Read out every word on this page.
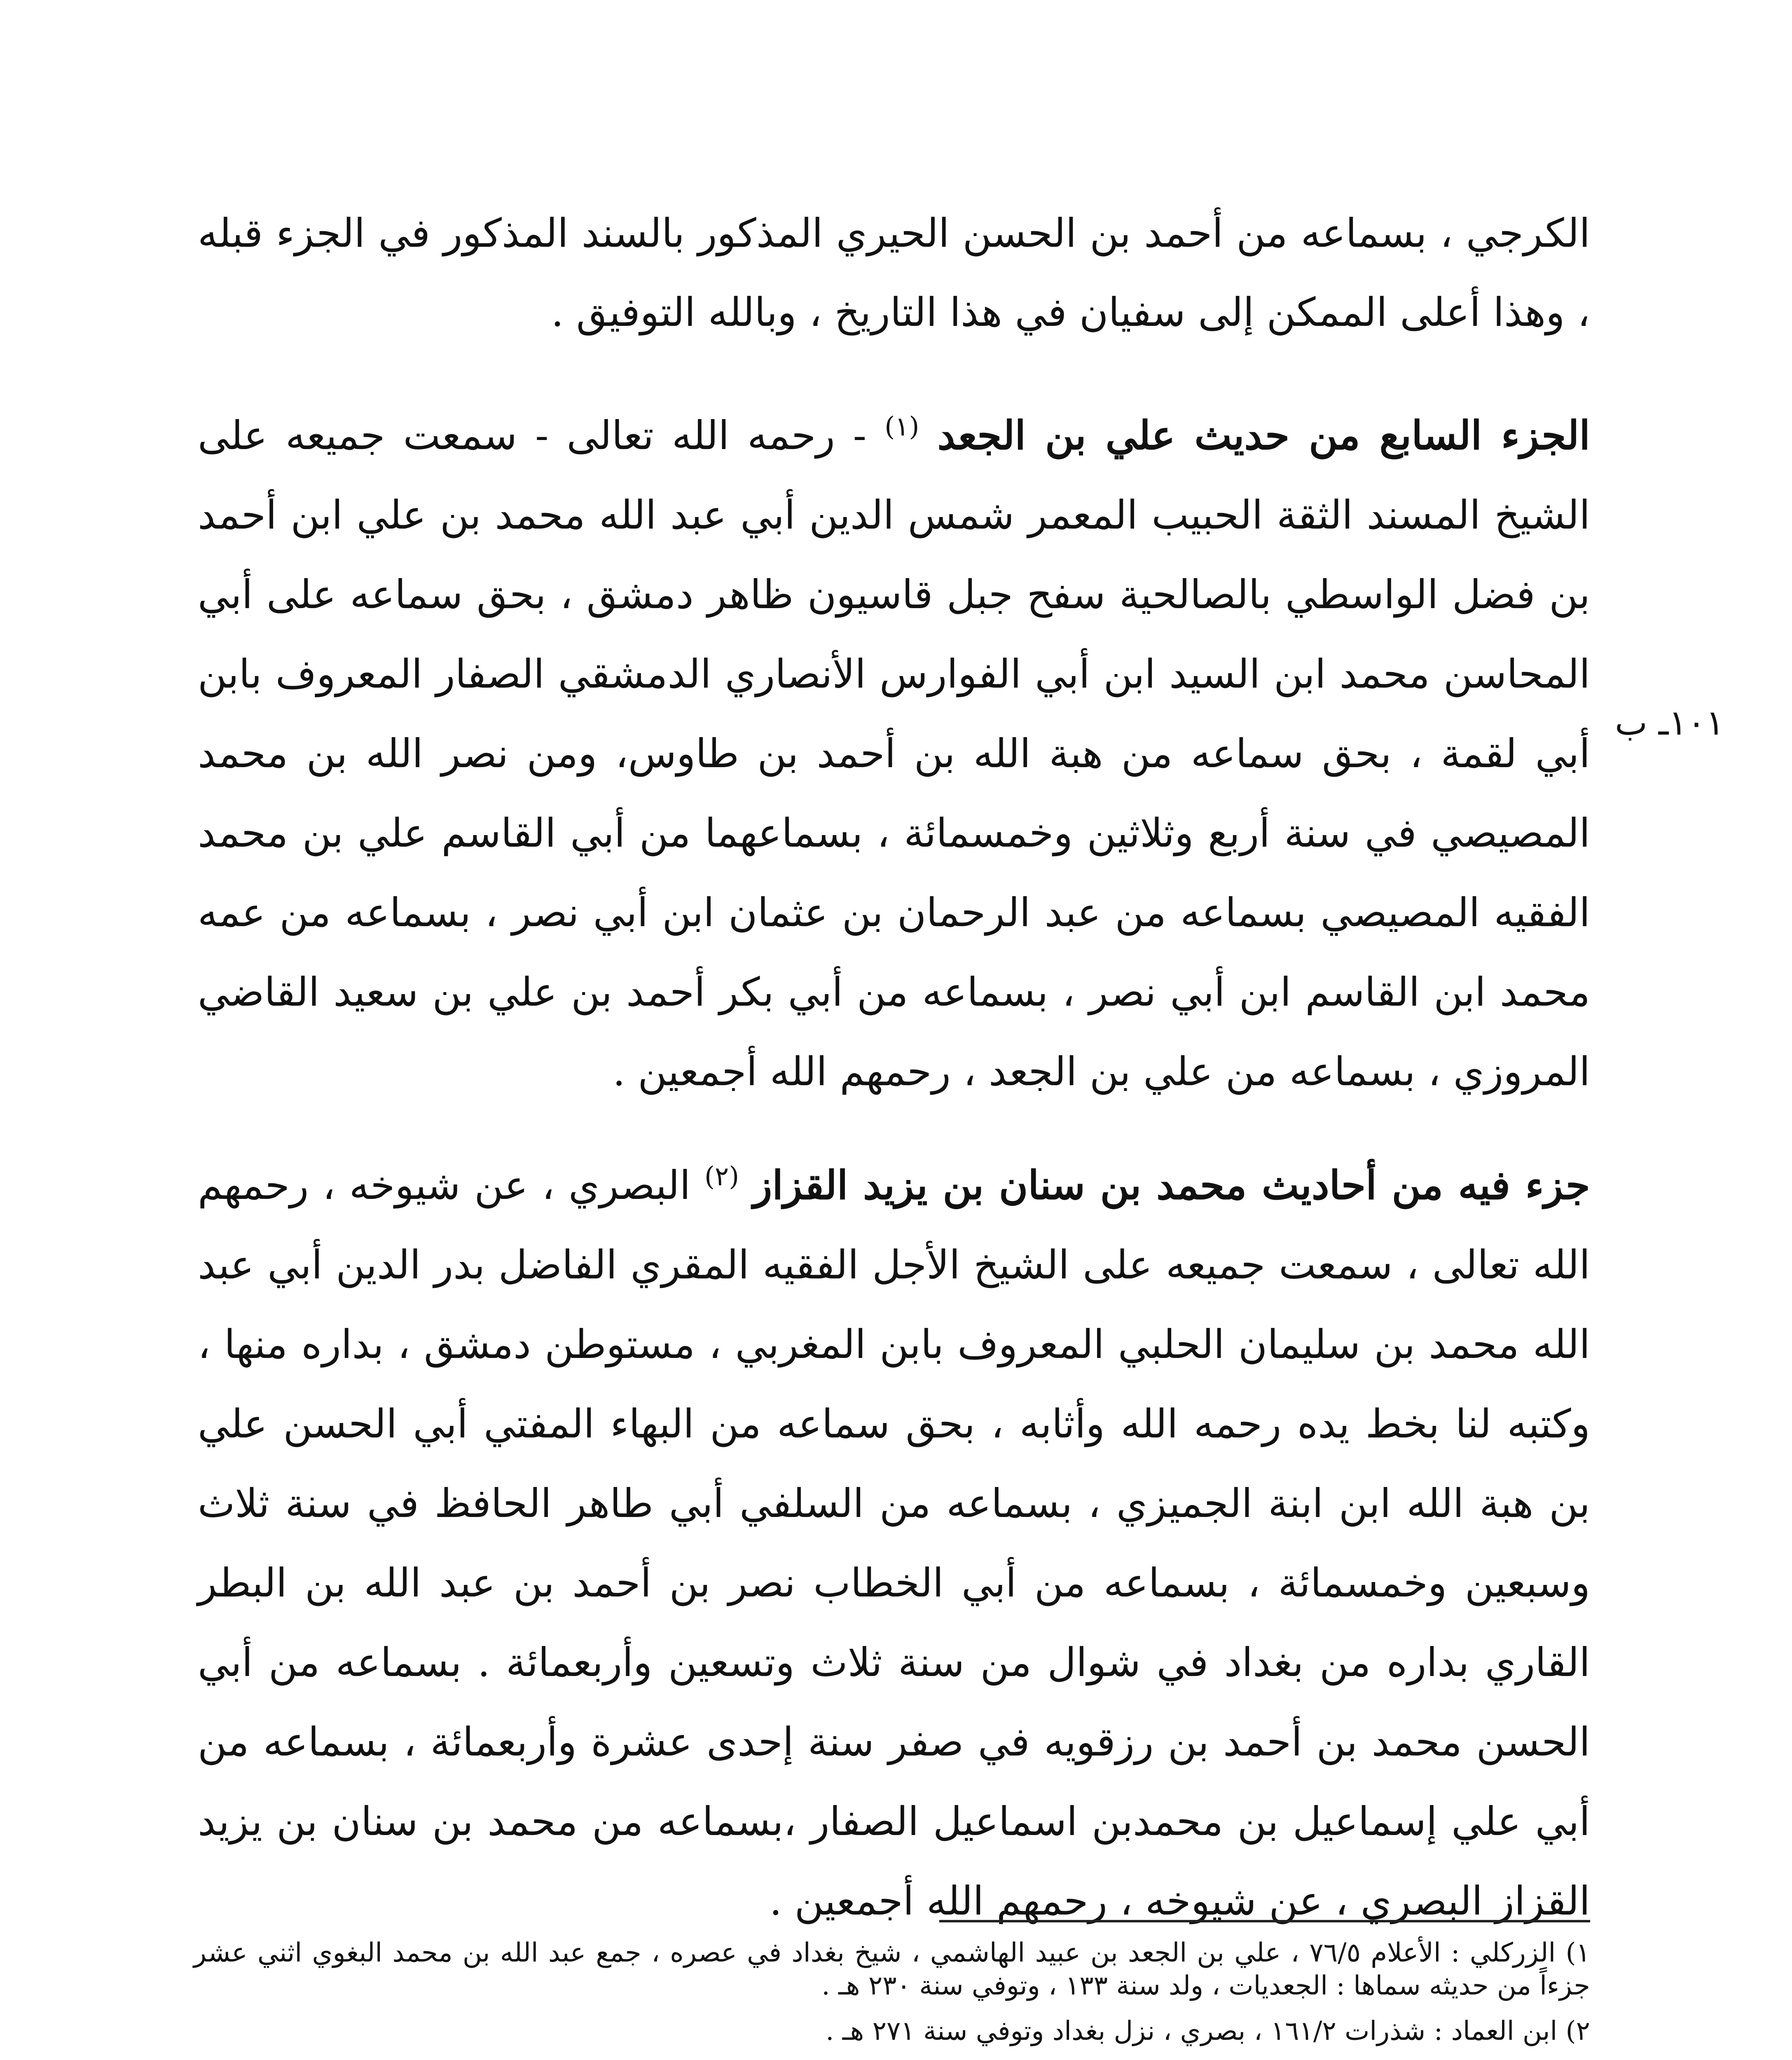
الكرجي ، بسماعه من أحمد بن الحسن الحيري المذكور بالسند المذكور في الجزء قبله ، وهذا أعلى الممكن إلى سفيان في هذا التاريخ ، وبالله التوفيق .
الجزء السابع من حديث علي بن الجعد $^{(١)}$ - رحمه الله تعالى - سمعت جميعه على الشيخ المسند الثقة الحبيب المعمر شمس الدين أبي عبد الله محمد بن علي ابن أحمد بن فضل الواسطي بالصالحية سفح جبل قاسيون ظاهر دمشق ، بحق سماعه على أبي المحاسن محمد ابن السيد ابن أبي الفوارس الأنصاري الدمشقي الصفار المعروف بابن أبي لقمة ، بحق سماعه من هبة الله بن أحمد بن طاوس، ومن نصر الله بن محمد المصيصي في سنة أربع وثلاثين وخمسمائة ، بسماعهما من أبي القاسم علي بن محمد الفقيه المصيصي بسماعه من عبد الرحمان بن عثمان ابن أبي نصر ، بسماعه من عمه محمد ابن القاسم ابن أبي نصر ، بسماعه من أبي بكر أحمد بن علي بن سعيد القاضي المروزي ، بسماعه من علي بن الجعد ، رحمهم الله أجمعين .
١٠١ـ ب
جزء فيه من أحاديث محمد بن سنان بن يزيد القزاز $^{(٢)}$ البصري ، عن شيوخه ، رحمهم الله تعالى ، سمعت جميعه على الشيخ الأجل الفقيه المقري الفاضل بدر الدين أبي عبد الله محمد بن سليمان الحلبي المعروف بابن المغربي ، مستوطن دمشق ، بداره منها ، وكتبه لنا بخط يده رحمه الله وأثابه ، بحق سماعه من البهاء المفتي أبي الحسن علي بن هبة الله ابن ابنة الجميزي ، بسماعه من السلفي أبي طاهر الحافظ في سنة ثلاث وسبعين وخمسمائة ، بسماعه من أبي الخطاب نصر بن أحمد بن عبد الله بن البطر القاري بداره من بغداد في شوال من سنة ثلاث وتسعين وأربعمائة . بسماعه من أبي الحسن محمد بن أحمد بن رزقويه في صفر سنة إحدى عشرة وأربعمائة ، بسماعه من أبي علي إسماعيل بن محمدبن اسماعيل الصفار ،بسماعه من محمد بن سنان بن يزيد القزاز البصري ، عن شيوخه ، رحمهم الله أجمعين .

١) الزركلي : الأعلام ٧٦/٥ ، علي بن الجعد بن عبيد الهاشمي ، شيخ بغداد في عصره ، جمع عبد الله بن محمد البغوي اثني عشر جزءاً من حديثه سماها : الجعديات ، ولد سنة ١٣٣ ، وتوفي سنة ٢٣٠ هـ .

٢) ابن العماد : شذرات ١٦١/٢ ، بصري ، نزل بغداد وتوفي سنة ٢٧١ هـ .
